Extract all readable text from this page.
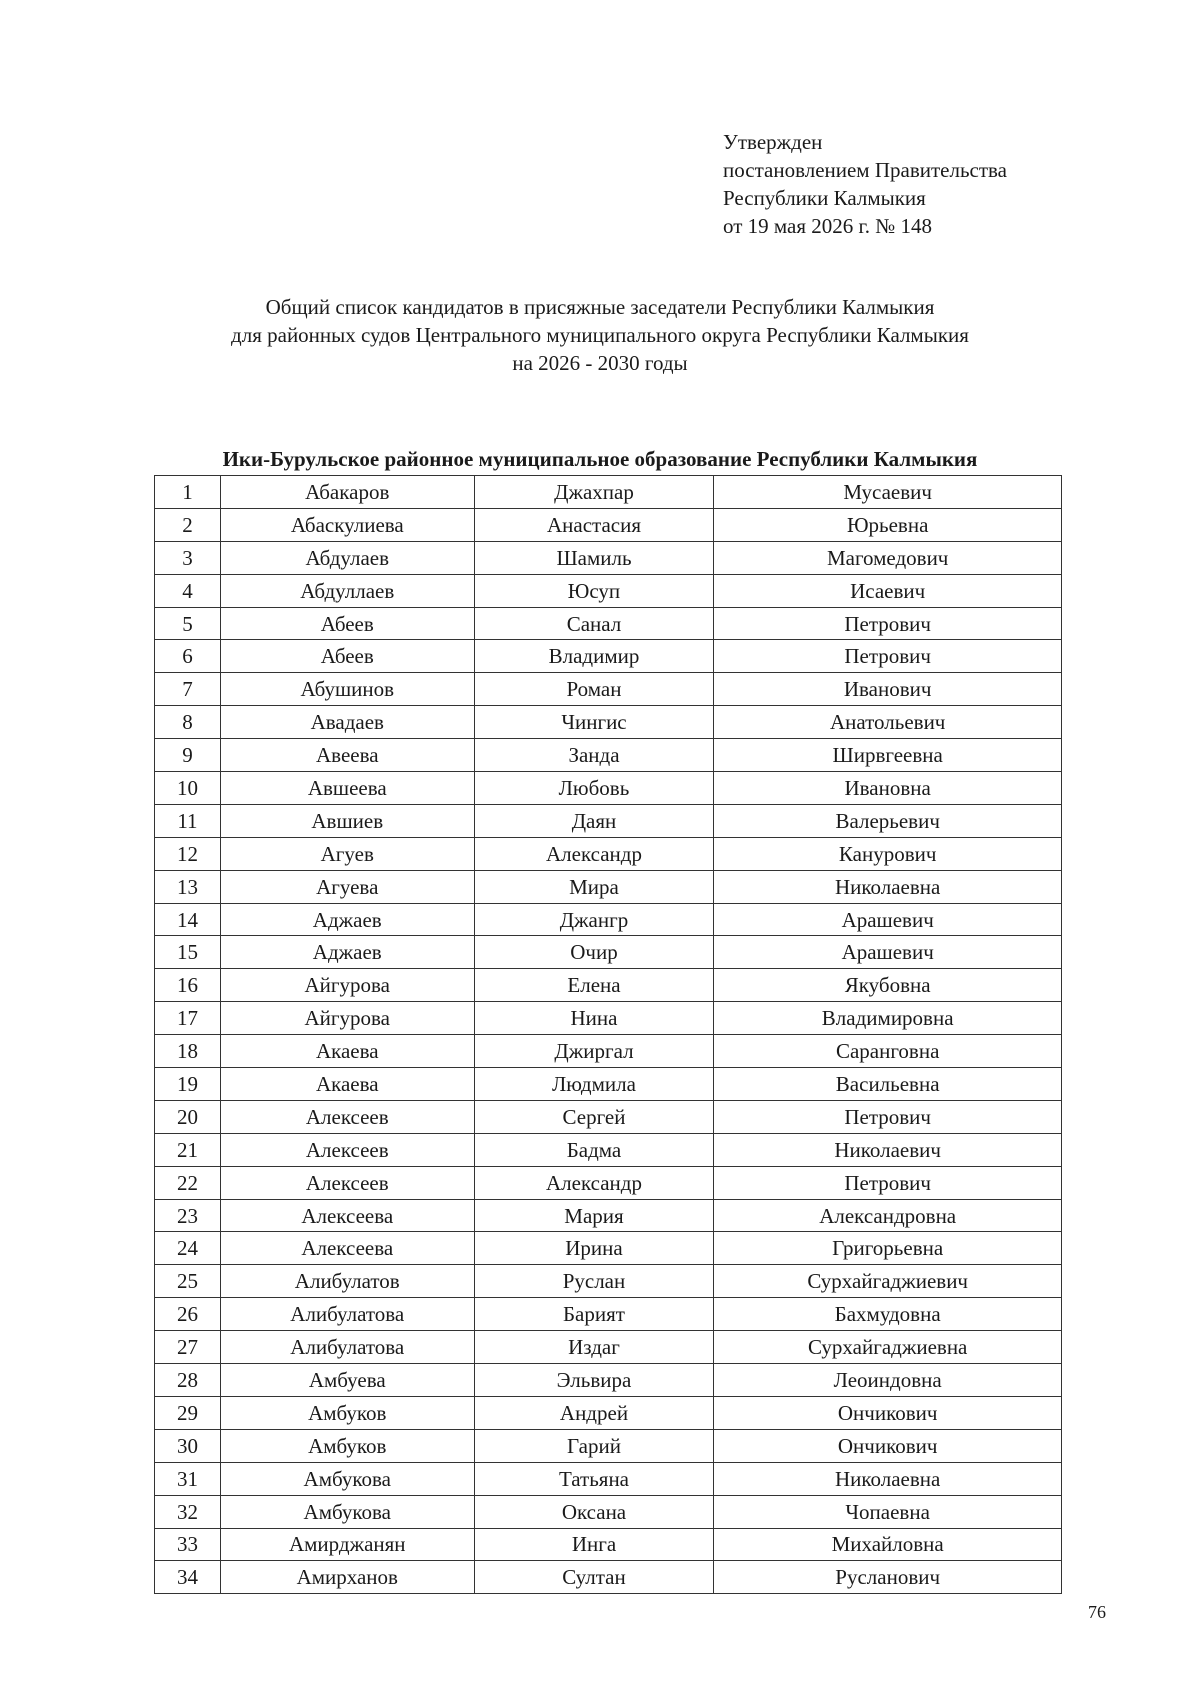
Утвержден
постановлением Правительства
Республики Калмыкия
от 19 мая 2026 г. № 148
Общий список кандидатов в присяжные заседатели Республики Калмыкия
для районных судов Центрального муниципального округа Республики Калмыкия
на 2026 - 2030 годы
Ики-Бурульское районное муниципальное образование Республики Калмыкия
1	Абакаров	Джахпар	Мусаевич
2	Абаскулиева	Анастасия	Юрьевна
3	Абдулаев	Шамиль	Магомедович
4	Абдуллаев	Юсуп	Исаевич
5	Абеев	Санал	Петрович
6	Абеев	Владимир	Петрович
7	Абушинов	Роман	Иванович
8	Авадаев	Чингис	Анатольевич
9	Авеева	Занда	Ширвгеевна
10	Авшеева	Любовь	Ивановна
11	Авшиев	Даян	Валерьевич
12	Агуев	Александр	Канурович
13	Агуева	Мира	Николаевна
14	Аджаев	Джангр	Арашевич
15	Аджаев	Очир	Арашевич
16	Айгурова	Елена	Якубовна
17	Айгурова	Нина	Владимировна
18	Акаева	Джиргал	Саранговна
19	Акаева	Людмила	Васильевна
20	Алексеев	Сергей	Петрович
21	Алексеев	Бадма	Николаевич
22	Алексеев	Александр	Петрович
23	Алексеева	Мария	Александровна
24	Алексеева	Ирина	Григорьевна
25	Алибулатов	Руслан	Сурхайгаджиевич
26	Алибулатова	Барият	Бахмудовна
27	Алибулатова	Издаг	Сурхайгаджиевна
28	Амбуева	Эльвира	Леоиндовна
29	Амбуков	Андрей	Ончикович
30	Амбуков	Гарий	Ончикович
31	Амбукова	Татьяна	Николаевна
32	Амбукова	Оксана	Чопаевна
33	Амирджанян	Инга	Михайловна
34	Амирханов	Султан	Русланович
76
